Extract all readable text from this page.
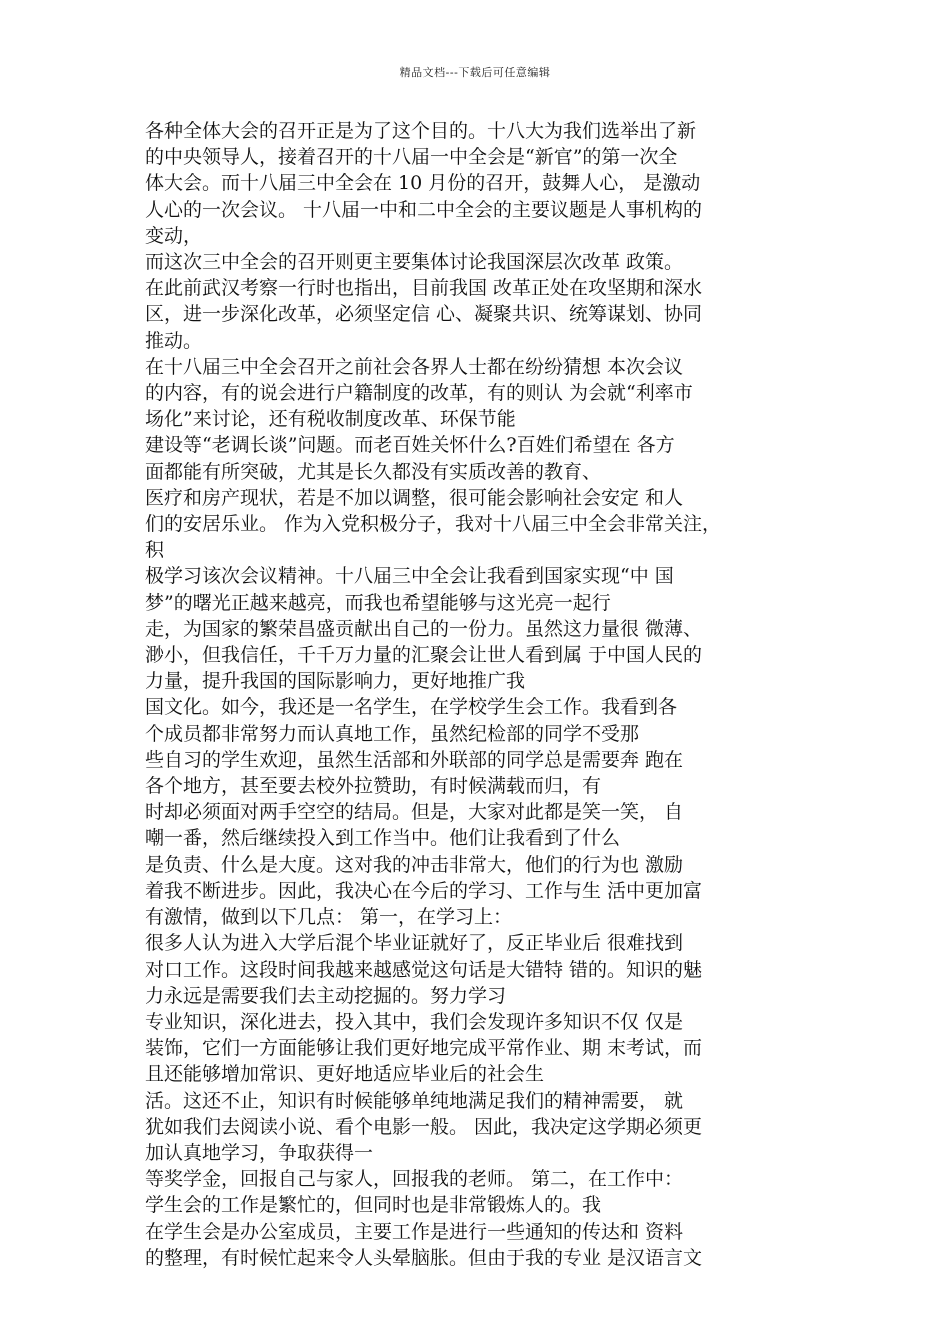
精品文档---下载后可任意编辑
各种全体大会的召开正是为了这个目的。十八大为我们选举出了新
的中央领导人，接着召开的十八届一中全会是“新官”的第一次全
体大会。而十八届三中全会在 10 月份的召开，鼓舞人心， 是激动
人心的一次会议。 十八届一中和二中全会的主要议题是人事机构的
变动，
而这次三中全会的召开则更主要集体讨论我国深层次改革 政策。
在此前武汉考察一行时也指出，目前我国 改革正处在攻坚期和深水
区，进一步深化改革，必须坚定信 心、凝聚共识、统筹谋划、协同
推动。
在十八届三中全会召开之前社会各界人士都在纷纷猜想 本次会议
的内容，有的说会进行户籍制度的改革，有的则认 为会就“利率市
场化”来讨论，还有税收制度改革、环保节能
建设等“老调长谈”问题。而老百姓关怀什么?百姓们希望在 各方
面都能有所突破，尤其是长久都没有实质改善的教育、
医疗和房产现状，若是不加以调整，很可能会影响社会安定 和人
们的安居乐业。 作为入党积极分子，我对十八届三中全会非常关注，
积
极学习该次会议精神。十八届三中全会让我看到国家实现“中 国
梦”的曙光正越来越亮，而我也希望能够与这光亮一起行
走，为国家的繁荣昌盛贡献出自己的一份力。虽然这力量很 微薄、
渺小，但我信任，千千万力量的汇聚会让世人看到属 于中国人民的
力量，提升我国的国际影响力，更好地推广我
国文化。如今，我还是一名学生，在学校学生会工作。我看到各
个成员都非常努力而认真地工作，虽然纪检部的同学不受那
些自习的学生欢迎，虽然生活部和外联部的同学总是需要奔 跑在
各个地方，甚至要去校外拉赞助，有时候满载而归，有
时却必须面对两手空空的结局。但是，大家对此都是笑一笑， 自
嘲一番，然后继续投入到工作当中。他们让我看到了什么
是负责、什么是大度。这对我的冲击非常大，他们的行为也 激励
着我不断进步。因此，我决心在今后的学习、工作与生 活中更加富
有激情，做到以下几点： 第一，在学习上：
很多人认为进入大学后混个毕业证就好了，反正毕业后 很难找到
对口工作。这段时间我越来越感觉这句话是大错特 错的。知识的魅
力永远是需要我们去主动挖掘的。努力学习
专业知识，深化进去，投入其中，我们会发现许多知识不仅 仅是
装饰，它们一方面能够让我们更好地完成平常作业、期 末考试，而
且还能够增加常识、更好地适应毕业后的社会生
活。这还不止，知识有时候能够单纯地满足我们的精神需要， 就
犹如我们去阅读小说、看个电影一般。 因此，我决定这学期必须更
加认真地学习，争取获得一
等奖学金，回报自己与家人，回报我的老师。 第二，在工作中：
学生会的工作是繁忙的，但同时也是非常锻炼人的。我
在学生会是办公室成员，主要工作是进行一些通知的传达和 资料
的整理，有时候忙起来令人头晕脑胀。但由于我的专业 是汉语言文
